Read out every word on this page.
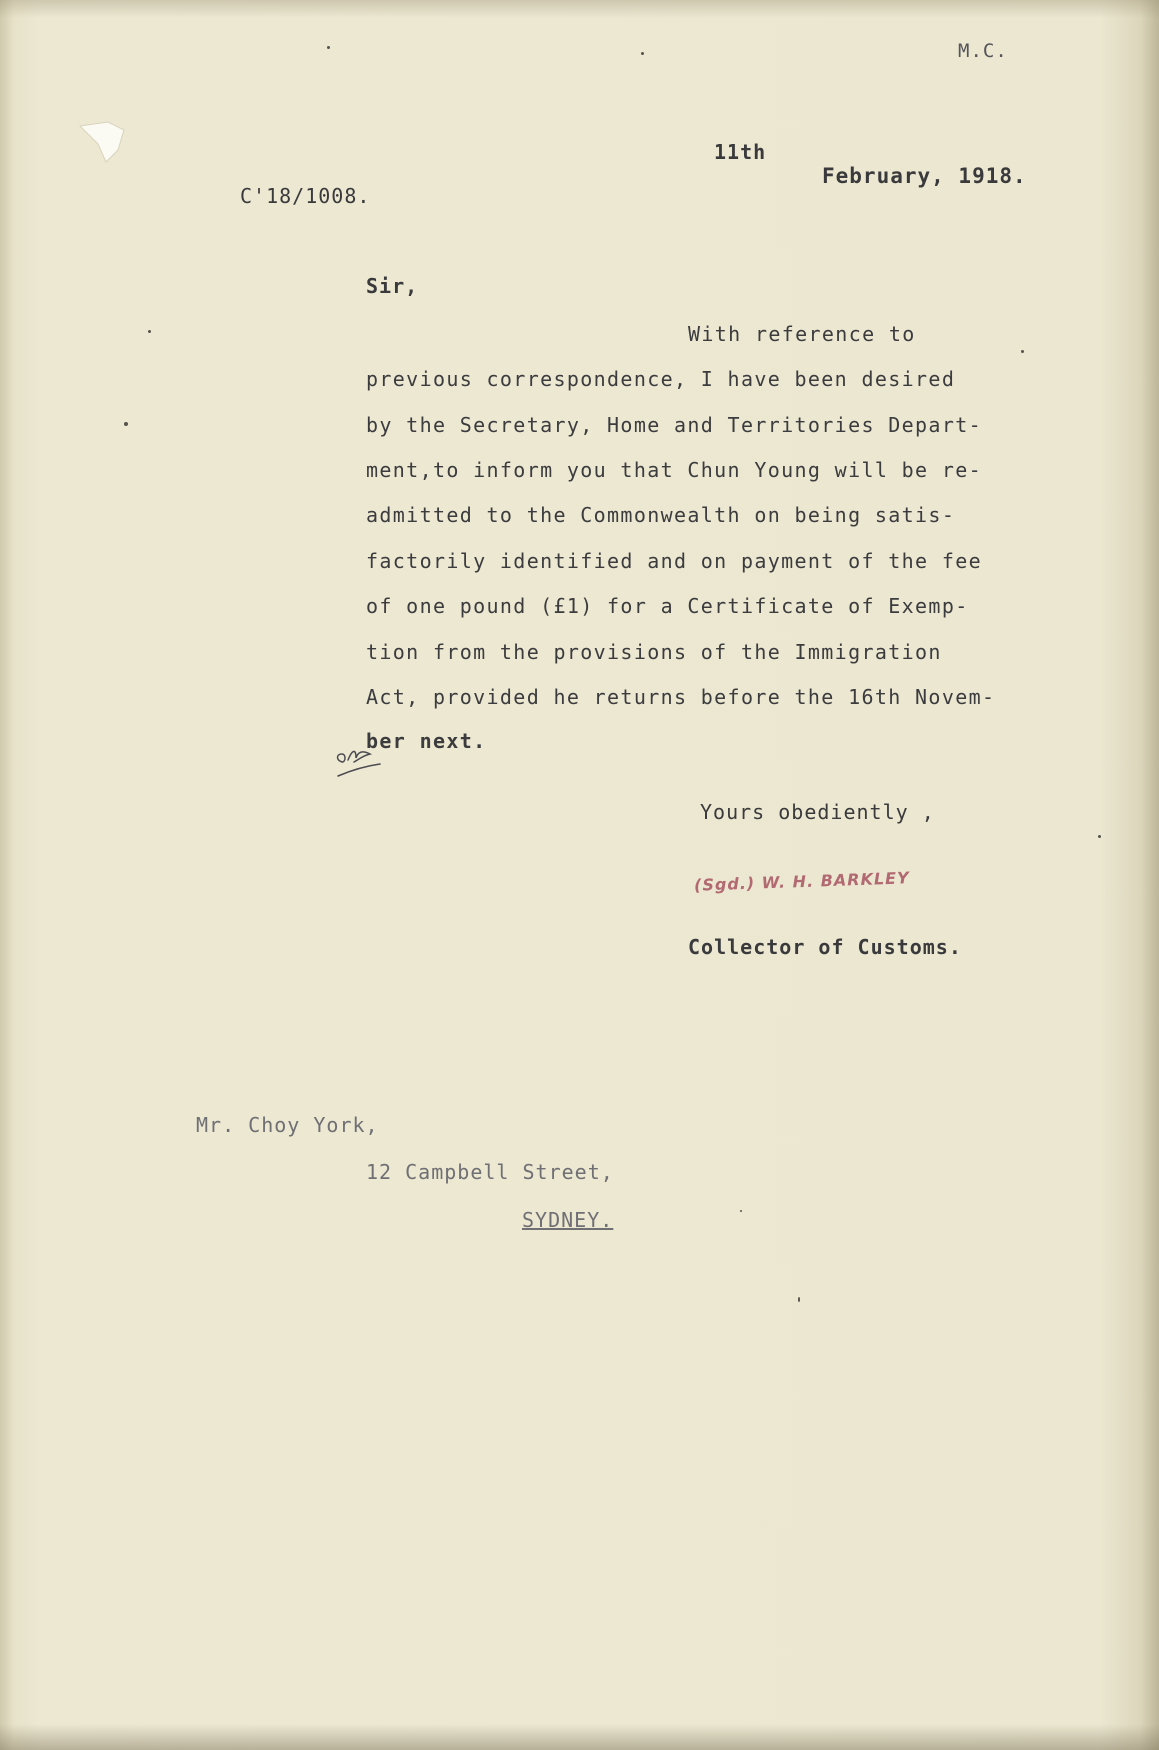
M.C.
11th
February, 1918.
C'18/1008.
Sir,
With reference to
previous correspondence, I have been desired
by the Secretary, Home and Territories Depart-
ment,to inform you that Chun Young will be re-
admitted to the Commonwealth on being satis-
factorily identified and on payment of the fee
of one pound (£1) for a Certificate of Exemp-
tion from the provisions of the Immigration
Act, provided he returns before the 16th Novem-
ber next.
Yours obediently ,
(Sgd.) W. H. BARKLEY
Collector of Customs.
Mr. Choy York,
12 Campbell Street,
SYDNEY.
